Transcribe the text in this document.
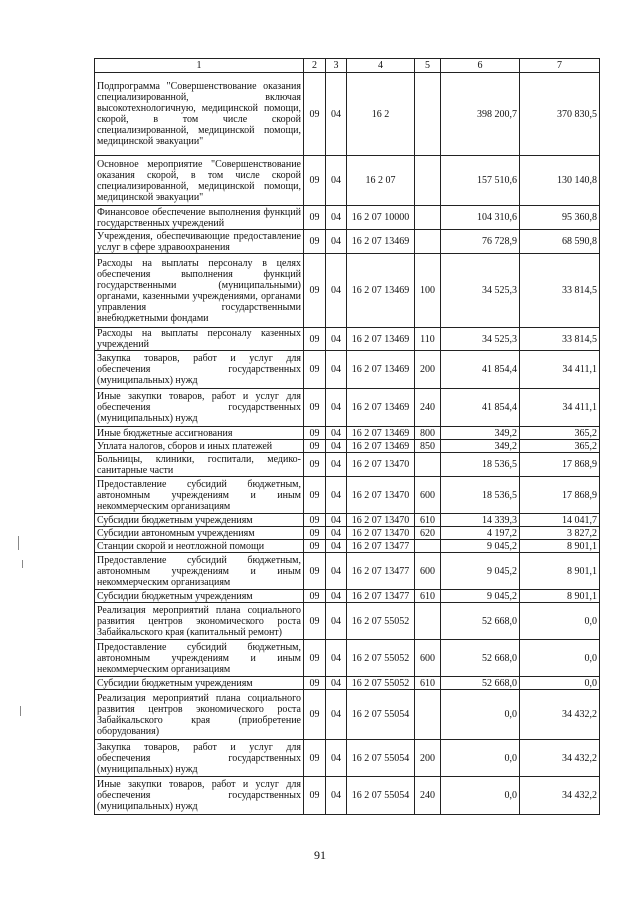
1	2	3	4	5	6	7
Подпрограмма "Совершенствование оказания специализированной, включая высокотехнологичную, медицинской помощи, скорой, в том числе скорой специализированной, медицинской помощи, медицинской эвакуации"	09	04	16 2		398 200,7	370 830,5
Основное мероприятие "Совершенствование оказания скорой, в том числе скорой специализированной, медицинской помощи, медицинской эвакуации"	09	04	16 2 07		157 510,6	130 140,8
Финансовое обеспечение выполнения функций государственных учреждений	09	04	16 2 07 10000		104 310,6	95 360,8
Учреждения, обеспечивающие предоставление услуг в сфере здравоохранения	09	04	16 2 07 13469		76 728,9	68 590,8
Расходы на выплаты персоналу в целях обеспечения выполнения функций государственными (муниципальными) органами, казенными учреждениями, органами управления государственными внебюджетными фондами	09	04	16 2 07 13469	100	34 525,3	33 814,5
Расходы на выплаты персоналу казенных учреждений	09	04	16 2 07 13469	110	34 525,3	33 814,5
Закупка товаров, работ и услуг для обеспечения государственных (муниципальных) нужд	09	04	16 2 07 13469	200	41 854,4	34 411,1
Иные закупки товаров, работ и услуг для обеспечения государственных (муниципальных) нужд	09	04	16 2 07 13469	240	41 854,4	34 411,1
Иные бюджетные ассигнования	09	04	16 2 07 13469	800	349,2	365,2
Уплата налогов, сборов и иных платежей	09	04	16 2 07 13469	850	349,2	365,2
Больницы, клиники, госпитали, медико-санитарные части	09	04	16 2 07 13470		18 536,5	17 868,9
Предоставление субсидий бюджетным, автономным учреждениям и иным некоммерческим организациям	09	04	16 2 07 13470	600	18 536,5	17 868,9
Субсидии бюджетным учреждениям	09	04	16 2 07 13470	610	14 339,3	14 041,7
Субсидии автономным учреждениям	09	04	16 2 07 13470	620	4 197,2	3 827,2
Станции скорой и неотложной помощи	09	04	16 2 07 13477		9 045,2	8 901,1
Предоставление субсидий бюджетным, автономным учреждениям и иным некоммерческим организациям	09	04	16 2 07 13477	600	9 045,2	8 901,1
Субсидии бюджетным учреждениям	09	04	16 2 07 13477	610	9 045,2	8 901,1
Реализация мероприятий плана социального развития центров экономического роста Забайкальского края (капитальный ремонт)	09	04	16 2 07 55052		52 668,0	0,0
Предоставление субсидий бюджетным, автономным учреждениям и иным некоммерческим организациям	09	04	16 2 07 55052	600	52 668,0	0,0
Субсидии бюджетным учреждениям	09	04	16 2 07 55052	610	52 668,0	0,0
Реализация мероприятий плана социального развития центров экономического роста Забайкальского края (приобретение оборудования)	09	04	16 2 07 55054		0,0	34 432,2
Закупка товаров, работ и услуг для обеспечения государственных (муниципальных) нужд	09	04	16 2 07 55054	200	0,0	34 432,2
Иные закупки товаров, работ и услуг для обеспечения государственных (муниципальных) нужд	09	04	16 2 07 55054	240	0,0	34 432,2
91
